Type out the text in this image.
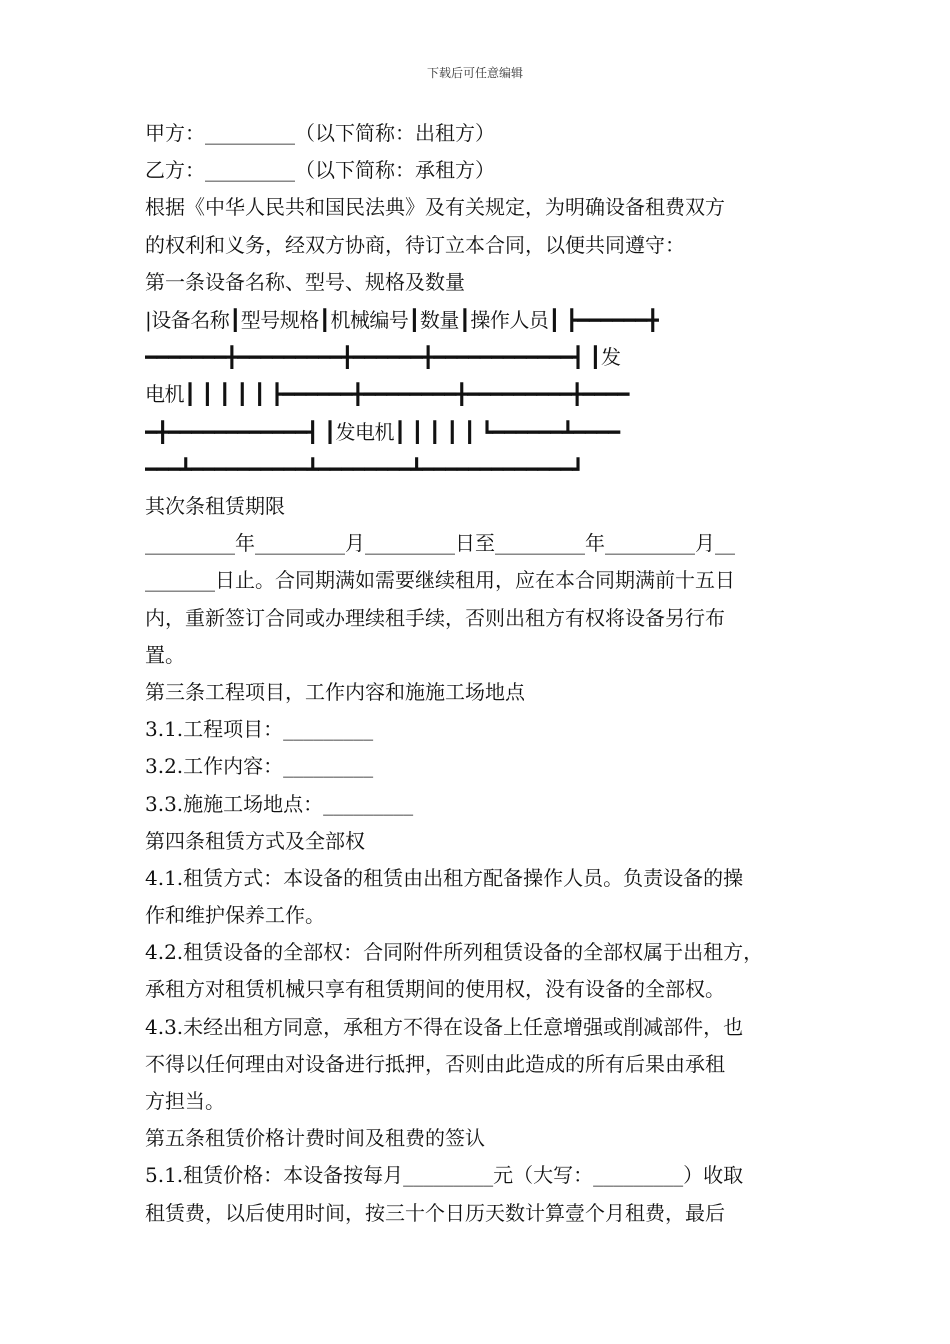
下载后可任意编辑
甲方：_________（以下简称：出租方）
乙方：_________（以下简称：承租方）
根据《中华人民共和国民法典》及有关规定，为明确设备租费双方
的权利和义务，经双方协商，待订立本合同，以便共同遵守：
第一条设备名称、型号、规格及数量
|设备名称┃型号规格┃机械编号┃数量┃操作人员┃ ┣━━━━━━╋
━━━━━━━╋━━━━━━━━━╋━━━━━━╋━━━━━━━━━━━━┫ ┃发
电机┃ ┃ ┃ ┃ ┃ ┣━━━━━━╋━━━━━━━━╋━━━━━━━━━╋━━━━
━╋━━━━━━━━━━━━┫ ┃发电机┃ ┃ ┃ ┃ ┃ ┗━━━━━━┻━━━━
━━━┻━━━━━━━━━━┻━━━━━━━━┻━━━━━━━━━━━━━┛
其次条租赁期限
_________年_________月_________日至_________年_________月__
_______日止。合同期满如需要继续租用，应在本合同期满前十五日
内，重新签订合同或办理续租手续，否则出租方有权将设备另行布
置。
第三条工程项目，工作内容和施施工场地点
3.1.工程项目：_________
3.2.工作内容：_________
3.3.施施工场地点：_________
第四条租赁方式及全部权
4.1.租赁方式：本设备的租赁由出租方配备操作人员。负责设备的操
作和维护保养工作。
4.2.租赁设备的全部权：合同附件所列租赁设备的全部权属于出租方，
承租方对租赁机械只享有租赁期间的使用权，没有设备的全部权。
4.3.未经出租方同意，承租方不得在设备上任意增强或削减部件，也
不得以任何理由对设备进行抵押，否则由此造成的所有后果由承租
方担当。
第五条租赁价格计费时间及租费的签认
5.1.租赁价格：本设备按每月_________元（大写：_________）收取
租赁费，以后使用时间，按三十个日历天数计算壹个月租费，最后
